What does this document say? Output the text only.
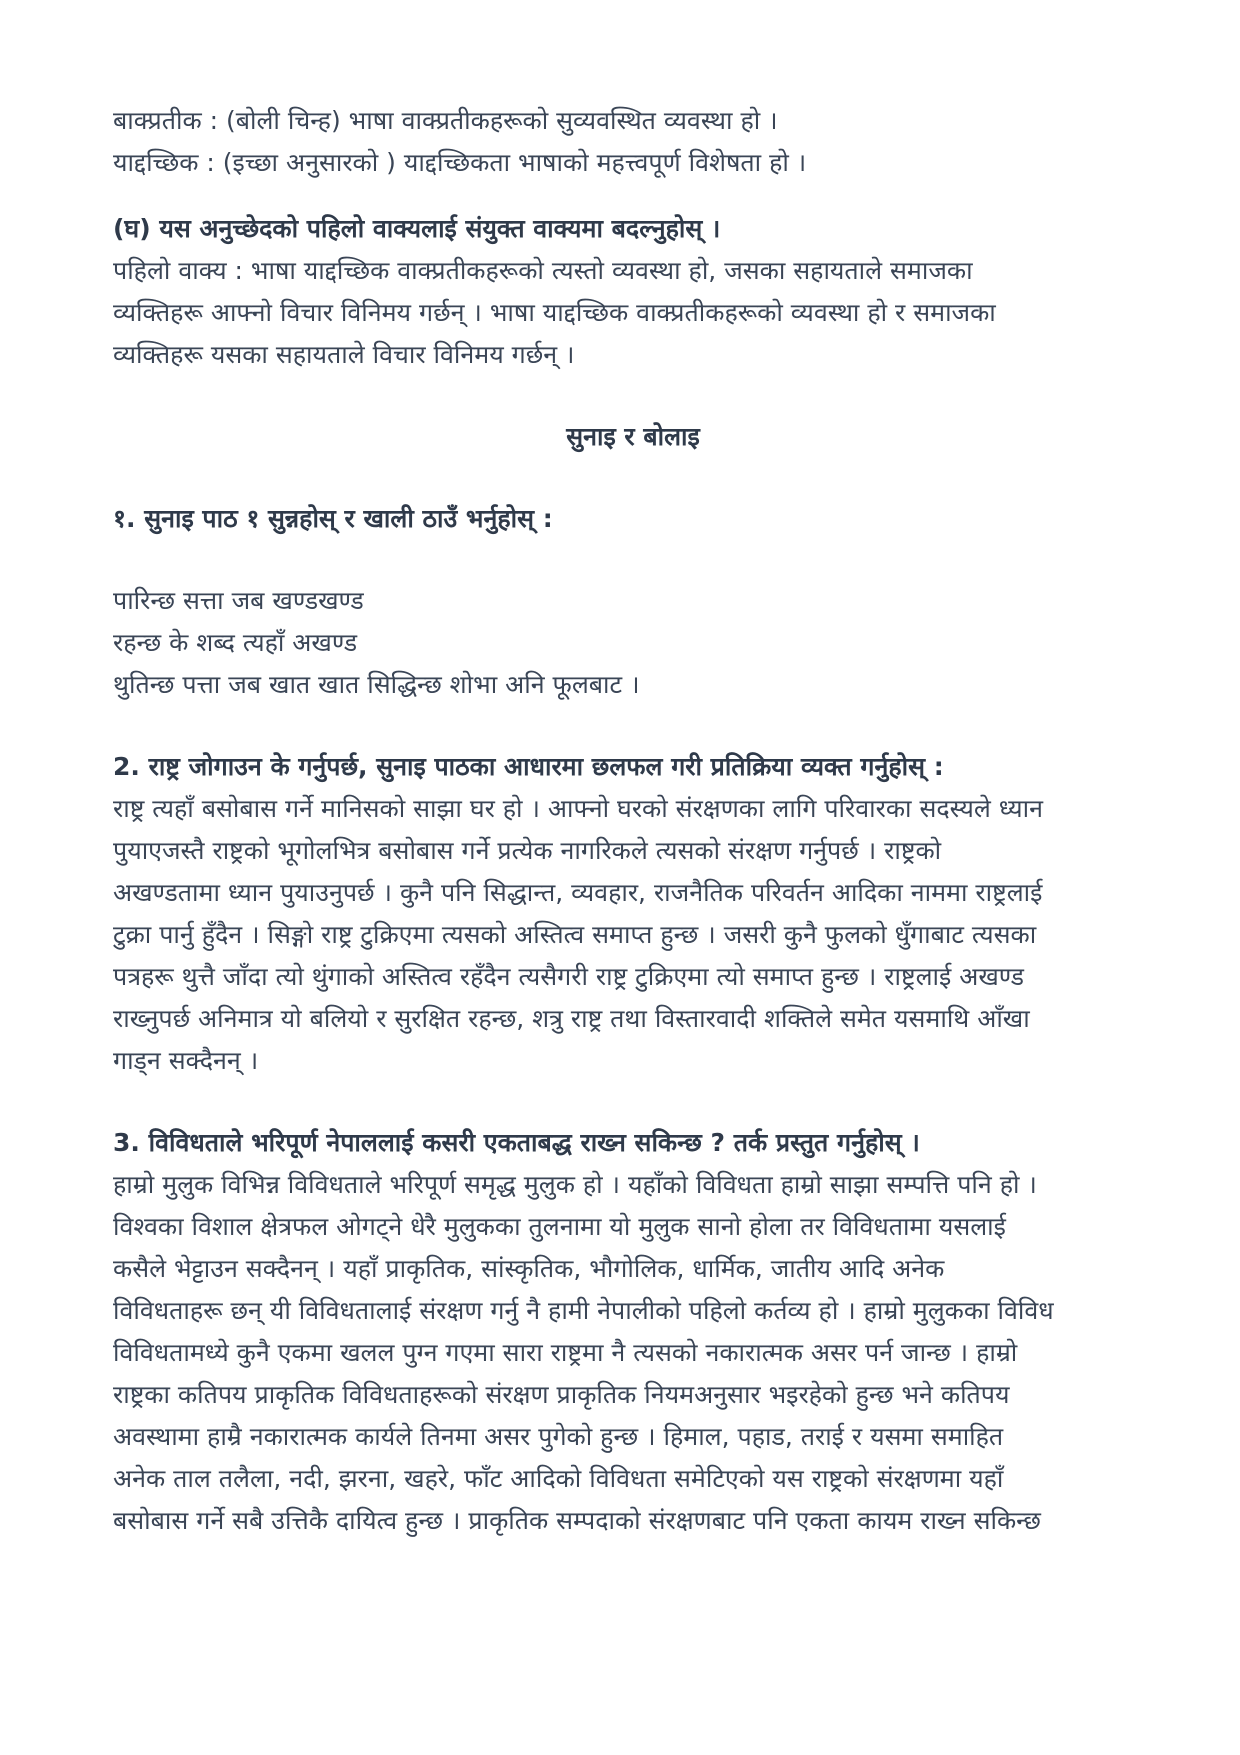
बाक्प्रतीक : (बोली चिन्ह) भाषा वाक्प्रतीकहरूको सुव्यवस्थित व्यवस्था हो ।

याद्दच्छिक : (इच्छा अनुसारको ) याद्दच्छिकता भाषाको महत्त्वपूर्ण विशेषता हो ।

(घ) यस अनुच्छेदको पहिलो वाक्यलाई संयुक्त वाक्यमा बदल्नुहोस् ।

पहिलो वाक्य : भाषा याद्दच्छिक वाक्प्रतीकहरूको त्यस्तो व्यवस्था हो, जसका सहायताले समाजका

व्यक्तिहरू आफ्नो विचार विनिमय गर्छन् । भाषा याद्दच्छिक वाक्प्रतीकहरूको व्यवस्था हो र समाजका

व्यक्तिहरू यसका सहायताले विचार विनिमय गर्छन् ।

सुनाइ र बोलाइ

१. सुनाइ पाठ १ सुन्नहोस् र खाली ठाउँ भर्नुहोस् :

पारिन्छ सत्ता जब खण्डखण्ड

रहन्छ के शब्द त्यहाँ अखण्ड

थुतिन्छ पत्ता जब खात खात सिद्धिन्छ शोभा अनि फूलबाट ।

2. राष्ट्र जोगाउन के गर्नुपर्छ, सुनाइ पाठका आधारमा छलफल गरी प्रतिक्रिया व्यक्त गर्नुहोस् :

राष्ट्र त्यहाँ बसोबास गर्ने मानिसको साझा घर हो । आफ्नो घरको संरक्षणका लागि परिवारका सदस्यले ध्यान

पुयाएजस्तै राष्ट्रको भूगोलभित्र बसोबास गर्ने प्रत्येक नागरिकले त्यसको संरक्षण गर्नुपर्छ । राष्ट्रको

अखण्डतामा ध्यान पुयाउनुपर्छ । कुनै पनि सिद्धान्त, व्यवहार, राजनैतिक परिवर्तन आदिका नाममा राष्ट्रलाई

टुक्रा पार्नु हुँदैन । सिङ्गो राष्ट्र टुक्रिएमा त्यसको अस्तित्व समाप्त हुन्छ । जसरी कुनै फुलको धुँगाबाट त्यसका

पत्रहरू थुत्तै जाँदा त्यो थुंगाको अस्तित्व रहँदैन त्यसैगरी राष्ट्र टुक्रिएमा त्यो समाप्त हुन्छ । राष्ट्रलाई अखण्ड

राख्नुपर्छ अनिमात्र यो बलियो र सुरक्षित रहन्छ, शत्रु राष्ट्र तथा विस्तारवादी शक्तिले समेत यसमाथि आँखा

गाड्न सक्दैनन् ।

3. विविधताले भरिपूर्ण नेपाललाई कसरी एकताबद्ध राख्न सकिन्छ ? तर्क प्रस्तुत गर्नुहोस् ।

हाम्रो मुलुक विभिन्न विविधताले भरिपूर्ण समृद्ध मुलुक हो । यहाँको विविधता हाम्रो साझा सम्पत्ति पनि हो ।

विश्वका विशाल क्षेत्रफल ओगट्ने धेरै मुलुकका तुलनामा यो मुलुक सानो होला तर विविधतामा यसलाई

कसैले भेट्टाउन सक्दैनन् । यहाँ प्राकृतिक, सांस्कृतिक, भौगोलिक, धार्मिक, जातीय आदि अनेक

विविधताहरू छन् यी विविधतालाई संरक्षण गर्नु नै हामी नेपालीको पहिलो कर्तव्य हो । हाम्रो मुलुकका विविध

विविधतामध्ये कुनै एकमा खलल पुग्न गएमा सारा राष्ट्रमा नै त्यसको नकारात्मक असर पर्न जान्छ । हाम्रो

राष्ट्रका कतिपय प्राकृतिक विविधताहरूको संरक्षण प्राकृतिक नियमअनुसार भइरहेको हुन्छ भने कतिपय

अवस्थामा हाम्रै नकारात्मक कार्यले तिनमा असर पुगेको हुन्छ । हिमाल, पहाड, तराई र यसमा समाहित

अनेक ताल तलैला, नदी, झरना, खहरे, फाँट आदिको विविधता समेटिएको यस राष्ट्रको संरक्षणमा यहाँ

बसोबास गर्ने सबै उत्तिकै दायित्व हुन्छ । प्राकृतिक सम्पदाको संरक्षणबाट पनि एकता कायम राख्न सकिन्छ
